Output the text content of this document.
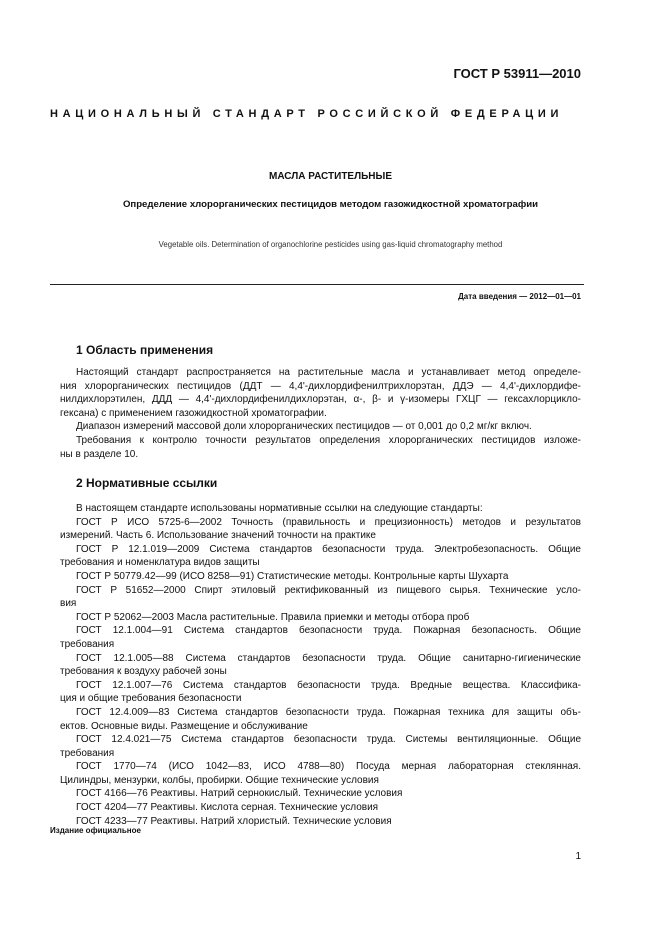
ГОСТ Р 53911—2010
НАЦИОНАЛЬНЫЙ СТАНДАРТ РОССИЙСКОЙ ФЕДЕРАЦИИ
МАСЛА РАСТИТЕЛЬНЫЕ
Определение хлорорганических пестицидов методом газожидкостной хроматографии
Vegetable oils. Determination of organochlorine pesticides using gas-liquid chromatography method
Дата введения — 2012—01—01
1 Область применения
Настоящий стандарт распространяется на растительные масла и устанавливает метод определе-
ния хлорорганических пестицидов (ДДТ — 4,4'-дихлордифенилтрихлорэтан, ДДЭ — 4,4'-дихлордифе-
нилдихлорэтилен, ДДД — 4,4'-дихлордифенилдихлорэтан, α-, β- и γ-изомеры ГХЦГ — гексахлорцикло-
гексана) с применением газожидкостной хроматографии.
Диапазон измерений массовой доли хлорорганических пестицидов — от 0,001 до 0,2 мг/кг включ.
Требования к контролю точности результатов определения хлорорганических пестицидов изложе-
ны в разделе 10.
2 Нормативные ссылки
В настоящем стандарте использованы нормативные ссылки на следующие стандарты:
ГОСТ Р ИСО 5725-6—2002 Точность (правильность и прецизионность) методов и результатов
измерений. Часть 6. Использование значений точности на практике
ГОСТ Р 12.1.019—2009 Система стандартов безопасности труда. Электробезопасность. Общие
требования и номенклатура видов защиты
ГОСТ Р 50779.42—99 (ИСО 8258—91) Статистические методы. Контрольные карты Шухарта
ГОСТ Р 51652—2000 Спирт этиловый ректификованный из пищевого сырья. Технические усло-
вия
ГОСТ Р 52062—2003 Масла растительные. Правила приемки и методы отбора проб
ГОСТ 12.1.004—91 Система стандартов безопасности труда. Пожарная безопасность. Общие
требования
ГОСТ 12.1.005—88 Система стандартов безопасности труда. Общие санитарно-гигиенические
требования к воздуху рабочей зоны
ГОСТ 12.1.007—76 Система стандартов безопасности труда. Вредные вещества. Классифика-
ция и общие требования безопасности
ГОСТ 12.4.009—83 Система стандартов безопасности труда. Пожарная техника для защиты объ-
ектов. Основные виды. Размещение и обслуживание
ГОСТ 12.4.021—75 Система стандартов безопасности труда. Системы вентиляционные. Общие
требования
ГОСТ 1770—74 (ИСО 1042—83, ИСО 4788—80) Посуда мерная лабораторная стеклянная.
Цилиндры, мензурки, колбы, пробирки. Общие технические условия
ГОСТ 4166—76 Реактивы. Натрий сернокислый. Технические условия
ГОСТ 4204—77 Реактивы. Кислота серная. Технические условия
ГОСТ 4233—77 Реактивы. Натрий хлористый. Технические условия
Издание официальное
1
